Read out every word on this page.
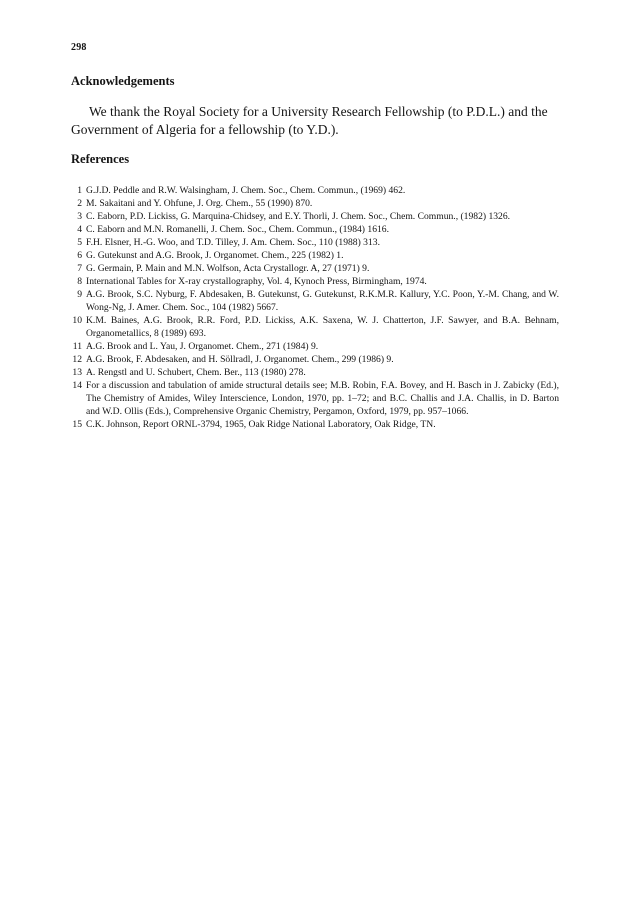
298
Acknowledgements

We thank the Royal Society for a University Research Fellowship (to P.D.L.) and the Government of Algeria for a fellowship (to Y.D.).

References
1 G.J.D. Peddle and R.W. Walsingham, J. Chem. Soc., Chem. Commun., (1969) 462.
2 M. Sakaitani and Y. Ohfune, J. Org. Chem., 55 (1990) 870.
3 C. Eaborn, P.D. Lickiss, G. Marquina-Chidsey, and E.Y. Thorli, J. Chem. Soc., Chem. Commun., (1982) 1326.
4 C. Eaborn and M.N. Romanelli, J. Chem. Soc., Chem. Commun., (1984) 1616.
5 F.H. Elsner, H.-G. Woo, and T.D. Tilley, J. Am. Chem. Soc., 110 (1988) 313.
6 G. Gutekunst and A.G. Brook, J. Organomet. Chem., 225 (1982) 1.
7 G. Germain, P. Main and M.N. Wolfson, Acta Crystallogr. A, 27 (1971) 9.
8 International Tables for X-ray crystallography, Vol. 4, Kynoch Press, Birmingham, 1974.
9 A.G. Brook, S.C. Nyburg, F. Abdesaken, B. Gutekunst, G. Gutekunst, R.K.M.R. Kallury, Y.C. Poon, Y.-M. Chang, and W. Wong-Ng, J. Amer. Chem. Soc., 104 (1982) 5667.
10 K.M. Baines, A.G. Brook, R.R. Ford, P.D. Lickiss, A.K. Saxena, W. J. Chatterton, J.F. Sawyer, and B.A. Behnam, Organometallics, 8 (1989) 693.
11 A.G. Brook and L. Yau, J. Organomet. Chem., 271 (1984) 9.
12 A.G. Brook, F. Abdesaken, and H. Söllradl, J. Organomet. Chem., 299 (1986) 9.
13 A. Rengstl and U. Schubert, Chem. Ber., 113 (1980) 278.
14 For a discussion and tabulation of amide structural details see; M.B. Robin, F.A. Bovey, and H. Basch in J. Zabicky (Ed.), The Chemistry of Amides, Wiley Interscience, London, 1970, pp. 1–72; and B.C. Challis and J.A. Challis, in D. Barton and W.D. Ollis (Eds.), Comprehensive Organic Chemistry, Pergamon, Oxford, 1979, pp. 957–1066.
15 C.K. Johnson, Report ORNL-3794, 1965, Oak Ridge National Laboratory, Oak Ridge, TN.
